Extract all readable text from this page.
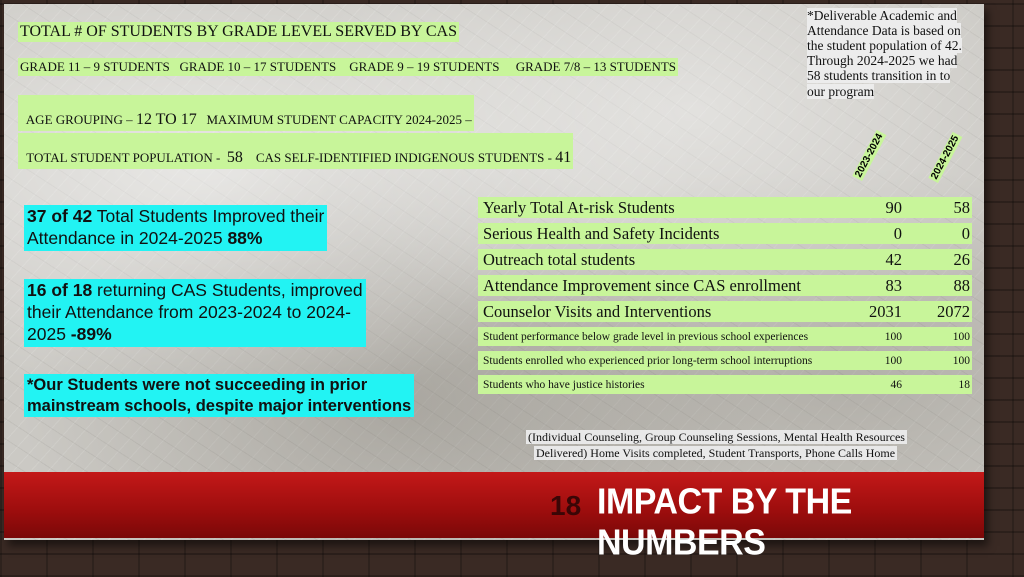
TOTAL # OF STUDENTS BY GRADE LEVEL SERVED BY CAS
GRADE 11 – 9 STUDENTS   GRADE 10 – 17 STUDENTS    GRADE 9 – 19 STUDENTS     GRADE 7/8 – 13 STUDENTS

AGE GROUPING – 12 TO 17   MAXIMUM STUDENT CAPACITY 2024-2025 –

TOTAL STUDENT POPULATION -  58    CAS SELF-IDENTIFIED INDIGENOUS STUDENTS - 41

*Deliverable Academic and
Attendance Data is based on
the student population of 42.
Through 2024-2025 we had
58 students transition in to
our program
37 of 42 Total Students Improved their
Attendance in 2024-2025 88%
16 of 18 returning CAS Students, improved
their Attendance from 2023-2024 to 2024-
2025 -89%
*Our Students were not succeeding in prior
mainstream schools, despite major interventions
2023-2024	2024-2025
Yearly Total At-risk Students	90	58
Serious Health and Safety Incidents	0	0
Outreach total students	42	26
Attendance Improvement since CAS enrollment	83	88
Counselor Visits and Interventions	2031	2072
Student performance below grade level in previous school experiences	100	100
Students enrolled who experienced prior long-term school interruptions	100	100
Students who have justice histories	46	18
(Individual Counseling, Group Counseling Sessions, Mental Health Resources
Delivered) Home Visits completed, Student Transports, Phone Calls Home
18 IMPACT BY THE NUMBERS
